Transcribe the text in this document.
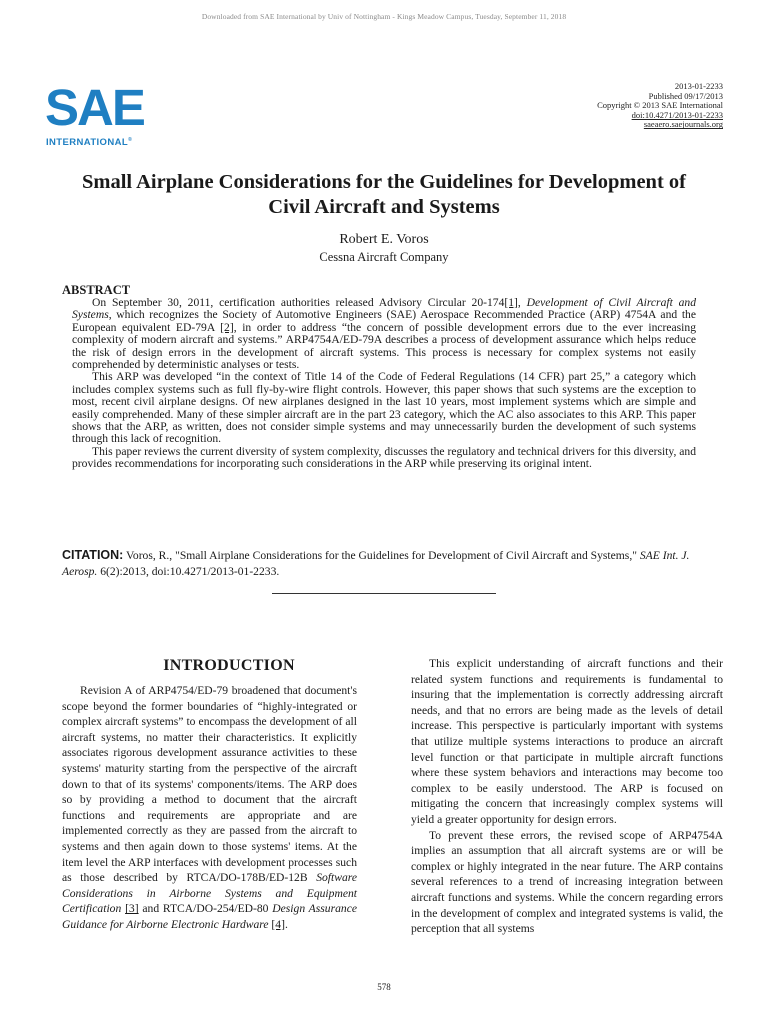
Downloaded from SAE International by Univ of Nottingham - Kings Meadow Campus, Tuesday, September 11, 2018
SAE
INTERNATIONAL®
2013-01-2233
Published 09/17/2013
Copyright © 2013 SAE International
doi:10.4271/2013-01-2233
saeaero.saejournals.org
Small Airplane Considerations for the Guidelines for Development of Civil Aircraft and Systems
Robert E. Voros
Cessna Aircraft Company
ABSTRACT

On September 30, 2011, certification authorities released Advisory Circular 20-174[1], Development of Civil Aircraft and Systems, which recognizes the Society of Automotive Engineers (SAE) Aerospace Recommended Practice (ARP) 4754A and the European equivalent ED-79A [2], in order to address “the concern of possible development errors due to the ever increasing complexity of modern aircraft and systems.” ARP4754A/ED-79A describes a process of development assurance which helps reduce the risk of design errors in the development of aircraft systems. This process is necessary for complex systems not easily comprehended by deterministic analyses or tests.

This ARP was developed “in the context of Title 14 of the Code of Federal Regulations (14 CFR) part 25,” a category which includes complex systems such as full fly-by-wire flight controls. However, this paper shows that such systems are the exception to most, recent civil airplane designs. Of new airplanes designed in the last 10 years, most implement systems which are simple and easily comprehended. Many of these simpler aircraft are in the part 23 category, which the AC also associates to this ARP. This paper shows that the ARP, as written, does not consider simple systems and may unnecessarily burden the development of such systems through this lack of recognition.

This paper reviews the current diversity of system complexity, discusses the regulatory and technical drivers for this diversity, and provides recommendations for incorporating such considerations in the ARP while preserving its original intent.

CITATION: Voros, R., "Small Airplane Considerations for the Guidelines for Development of Civil Aircraft and Systems," SAE Int. J. Aerosp. 6(2):2013, doi:10.4271/2013-01-2233.
INTRODUCTION

Revision A of ARP4754/ED-79 broadened that document's scope beyond the former boundaries of “highly-integrated or complex aircraft systems” to encompass the development of all aircraft systems, no matter their characteristics. It explicitly associates rigorous development assurance activities to these systems' maturity starting from the perspective of the aircraft down to that of its systems' components/items. The ARP does so by providing a method to document that the aircraft functions and requirements are appropriate and are implemented correctly as they are passed from the aircraft to systems and then again down to those systems' items. At the item level the ARP interfaces with development processes such as those described by RTCA/DO-178B/ED-12B Software Considerations in Airborne Systems and Equipment Certification [3] and RTCA/DO-254/ED-80 Design Assurance Guidance for Airborne Electronic Hardware [4].

This explicit understanding of aircraft functions and their related system functions and requirements is fundamental to insuring that the implementation is correctly addressing aircraft needs, and that no errors are being made as the levels of detail increase. This perspective is particularly important with systems that utilize multiple systems interactions to produce an aircraft level function or that participate in multiple aircraft functions where these system behaviors and interactions may become too complex to be easily understood. The ARP is focused on mitigating the concern that increasingly complex systems will yield a greater opportunity for design errors.

To prevent these errors, the revised scope of ARP4754A implies an assumption that all aircraft systems are or will be complex or highly integrated in the near future. The ARP contains several references to a trend of increasing integration between aircraft functions and systems. While the concern regarding errors in the development of complex and integrated systems is valid, the perception that all systems

578
